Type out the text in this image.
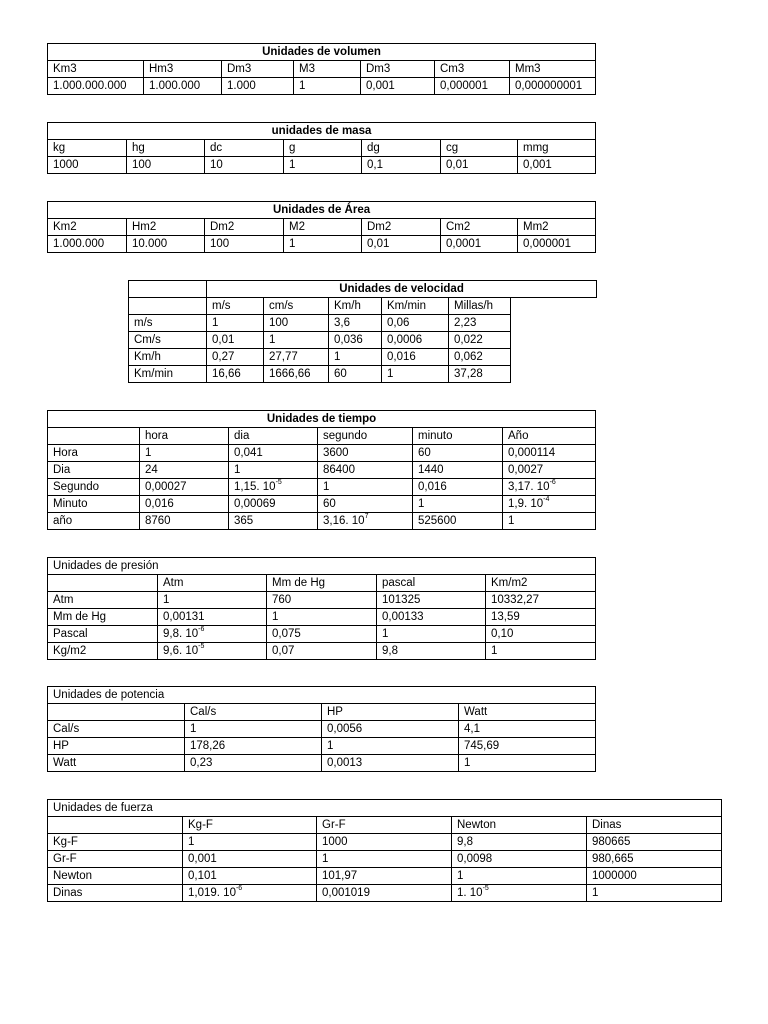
Unidades de volumen						
Km3	Hm3	Dm3	M3	Dm3	Cm3	Mm3
1.000.000.000	1.000.000	1.000	1	0,001	0,000001	0,000000001
unidades de masa						
kg	hg	dc	g	dg	cg	mmg
1000	100	10	1	0,1	0,01	0,001
Unidades de Área						
Km2	Hm2	Dm2	M2	Dm2	Cm2	Mm2
1.000.000	10.000	100	1	0,01	0,0001	0,000001
	Unidades de velocidad					
	m/s	cm/s	Km/h	Km/min	Millas/h	
m/s	1	100	3,6	0,06	2,23	
Cm/s	0,01	1	0,036	0,0006	0,022	
Km/h	0,27	27,77	1	0,016	0,062	
Km/min	16,66	1666,66	60	1	37,28	
Unidades de tiempo					
	hora	dia	segundo	minuto	Año
Hora	1	0,041	3600	60	0,000114
Dia	24	1	86400	1440	0,0027
Segundo	0,00027	1,15. $10^{-5}$	1	0,016	3,17. $10^{-6}$
Minuto	0,016	0,00069	60	1	1,9. $10^{-4}$
año	8760	365	3,16. $10^7$	525600	1
Unidades de presión				
	Atm	Mm de Hg	pascal	Km/m2
Atm	1	760	101325	10332,27
Mm de Hg	0,00131	1	0,00133	13,59
Pascal	9,8. $10^{-6}$	0,075	1	0,10
Kg/m2	9,6. $10^{-5}$	0,07	9,8	1
Unidades de potencia			
	Cal/s	HP	Watt
Cal/s	1	0,0056	4,1
HP	178,26	1	745,69
Watt	0,23	0,0013	1
Unidades de fuerza				
	Kg-F	Gr-F	Newton	Dinas
Kg-F	1	1000	9,8	980665
Gr-F	0,001	1	0,0098	980,665
Newton	0,101	101,97	1	1000000
Dinas	1,019. $10^{-6}$	0,001019	1. $10^{-5}$	1
